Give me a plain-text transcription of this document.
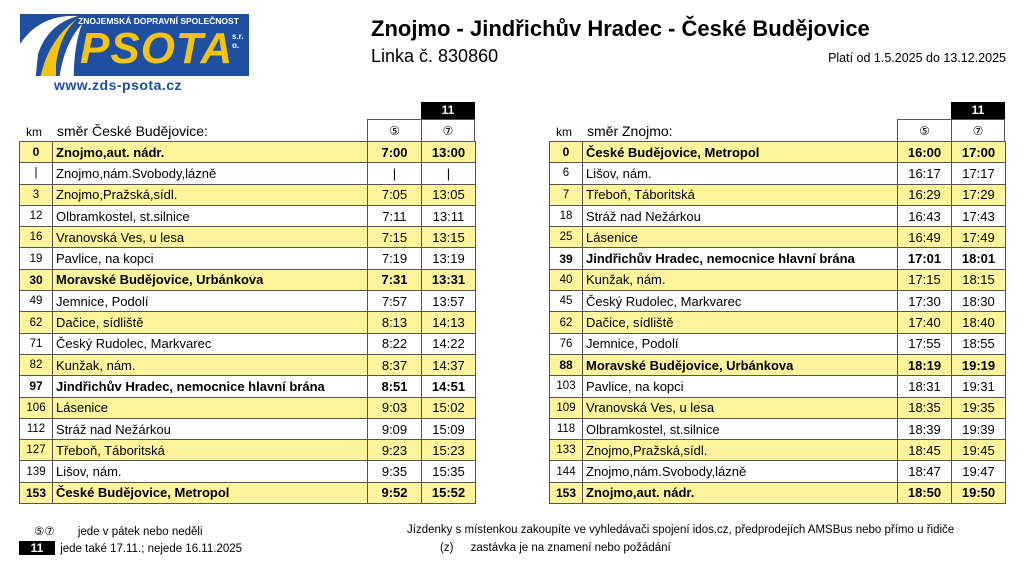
ZNOJEMSKÁ DOPRAVNÍ SPOLEČNOST
PSOTA
s.r.o.
www.zds-psota.cz
Znojmo - Jindřichův Hradec - České Budějovice
Linka č. 830860	Platí od 1.5.2025 do 13.12.2025
11
km směr České Budějovice:	⑤	⑦
0	Znojmo,aut. nádr.	7:00	13:00
|	Znojmo,nám.Svobody,lázně	|	|
3	Znojmo,Pražská,sídl.	7:05	13:05
12	Olbramkostel, st.silnice	7:11	13:11
16	Vranovská Ves, u lesa	7:15	13:15
19	Pavlice, na kopci	7:19	13:19
30	Moravské Budějovice, Urbánkova	7:31	13:31
49	Jemnice, Podolí	7:57	13:57
62	Dačice, sídliště	8:13	14:13
71	Český Rudolec, Markvarec	8:22	14:22
82	Kunžak, nám.	8:37	14:37
97	Jindřichův Hradec, nemocnice hlavní brána	8:51	14:51
106	Lásenice	9:03	15:02
112	Stráž nad Nežárkou	9:09	15:09
127	Třeboň, Táboritská	9:23	15:23
139	Lišov, nám.	9:35	15:35
153	České Budějovice, Metropol	9:52	15:52
11
km směr Znojmo:	⑤	⑦
0	České Budějovice, Metropol	16:00	17:00
6	Lišov, nám.	16:17	17:17
7	Třeboň, Táboritská	16:29	17:29
18	Stráž nad Nežárkou	16:43	17:43
25	Lásenice	16:49	17:49
39	Jindřichův Hradec, nemocnice hlavní brána	17:01	18:01
40	Kunžak, nám.	17:15	18:15
45	Český Rudolec, Markvarec	17:30	18:30
62	Dačice, sídliště	17:40	18:40
76	Jemnice, Podolí	17:55	18:55
88	Moravské Budějovice, Urbánkova	18:19	19:19
103	Pavlice, na kopci	18:31	19:31
109	Vranovská Ves, u lesa	18:35	19:35
118	Olbramkostel, st.silnice	18:39	19:39
133	Znojmo,Pražská,sídl.	18:45	19:45
144	Znojmo,nám.Svobody,lázně	18:47	19:47
153	Znojmo,aut. nádr.	18:50	19:50
⑤⑦ jede v pátek nebo neděli
11 jede také 17.11.; nejede 16.11.2025
Jízdenky s místenkou zakoupíte ve vyhledávači spojení idos.cz, předprodejích AMSBus nebo přímo u řidiče
(z) zastávka je na znamení nebo požádání
